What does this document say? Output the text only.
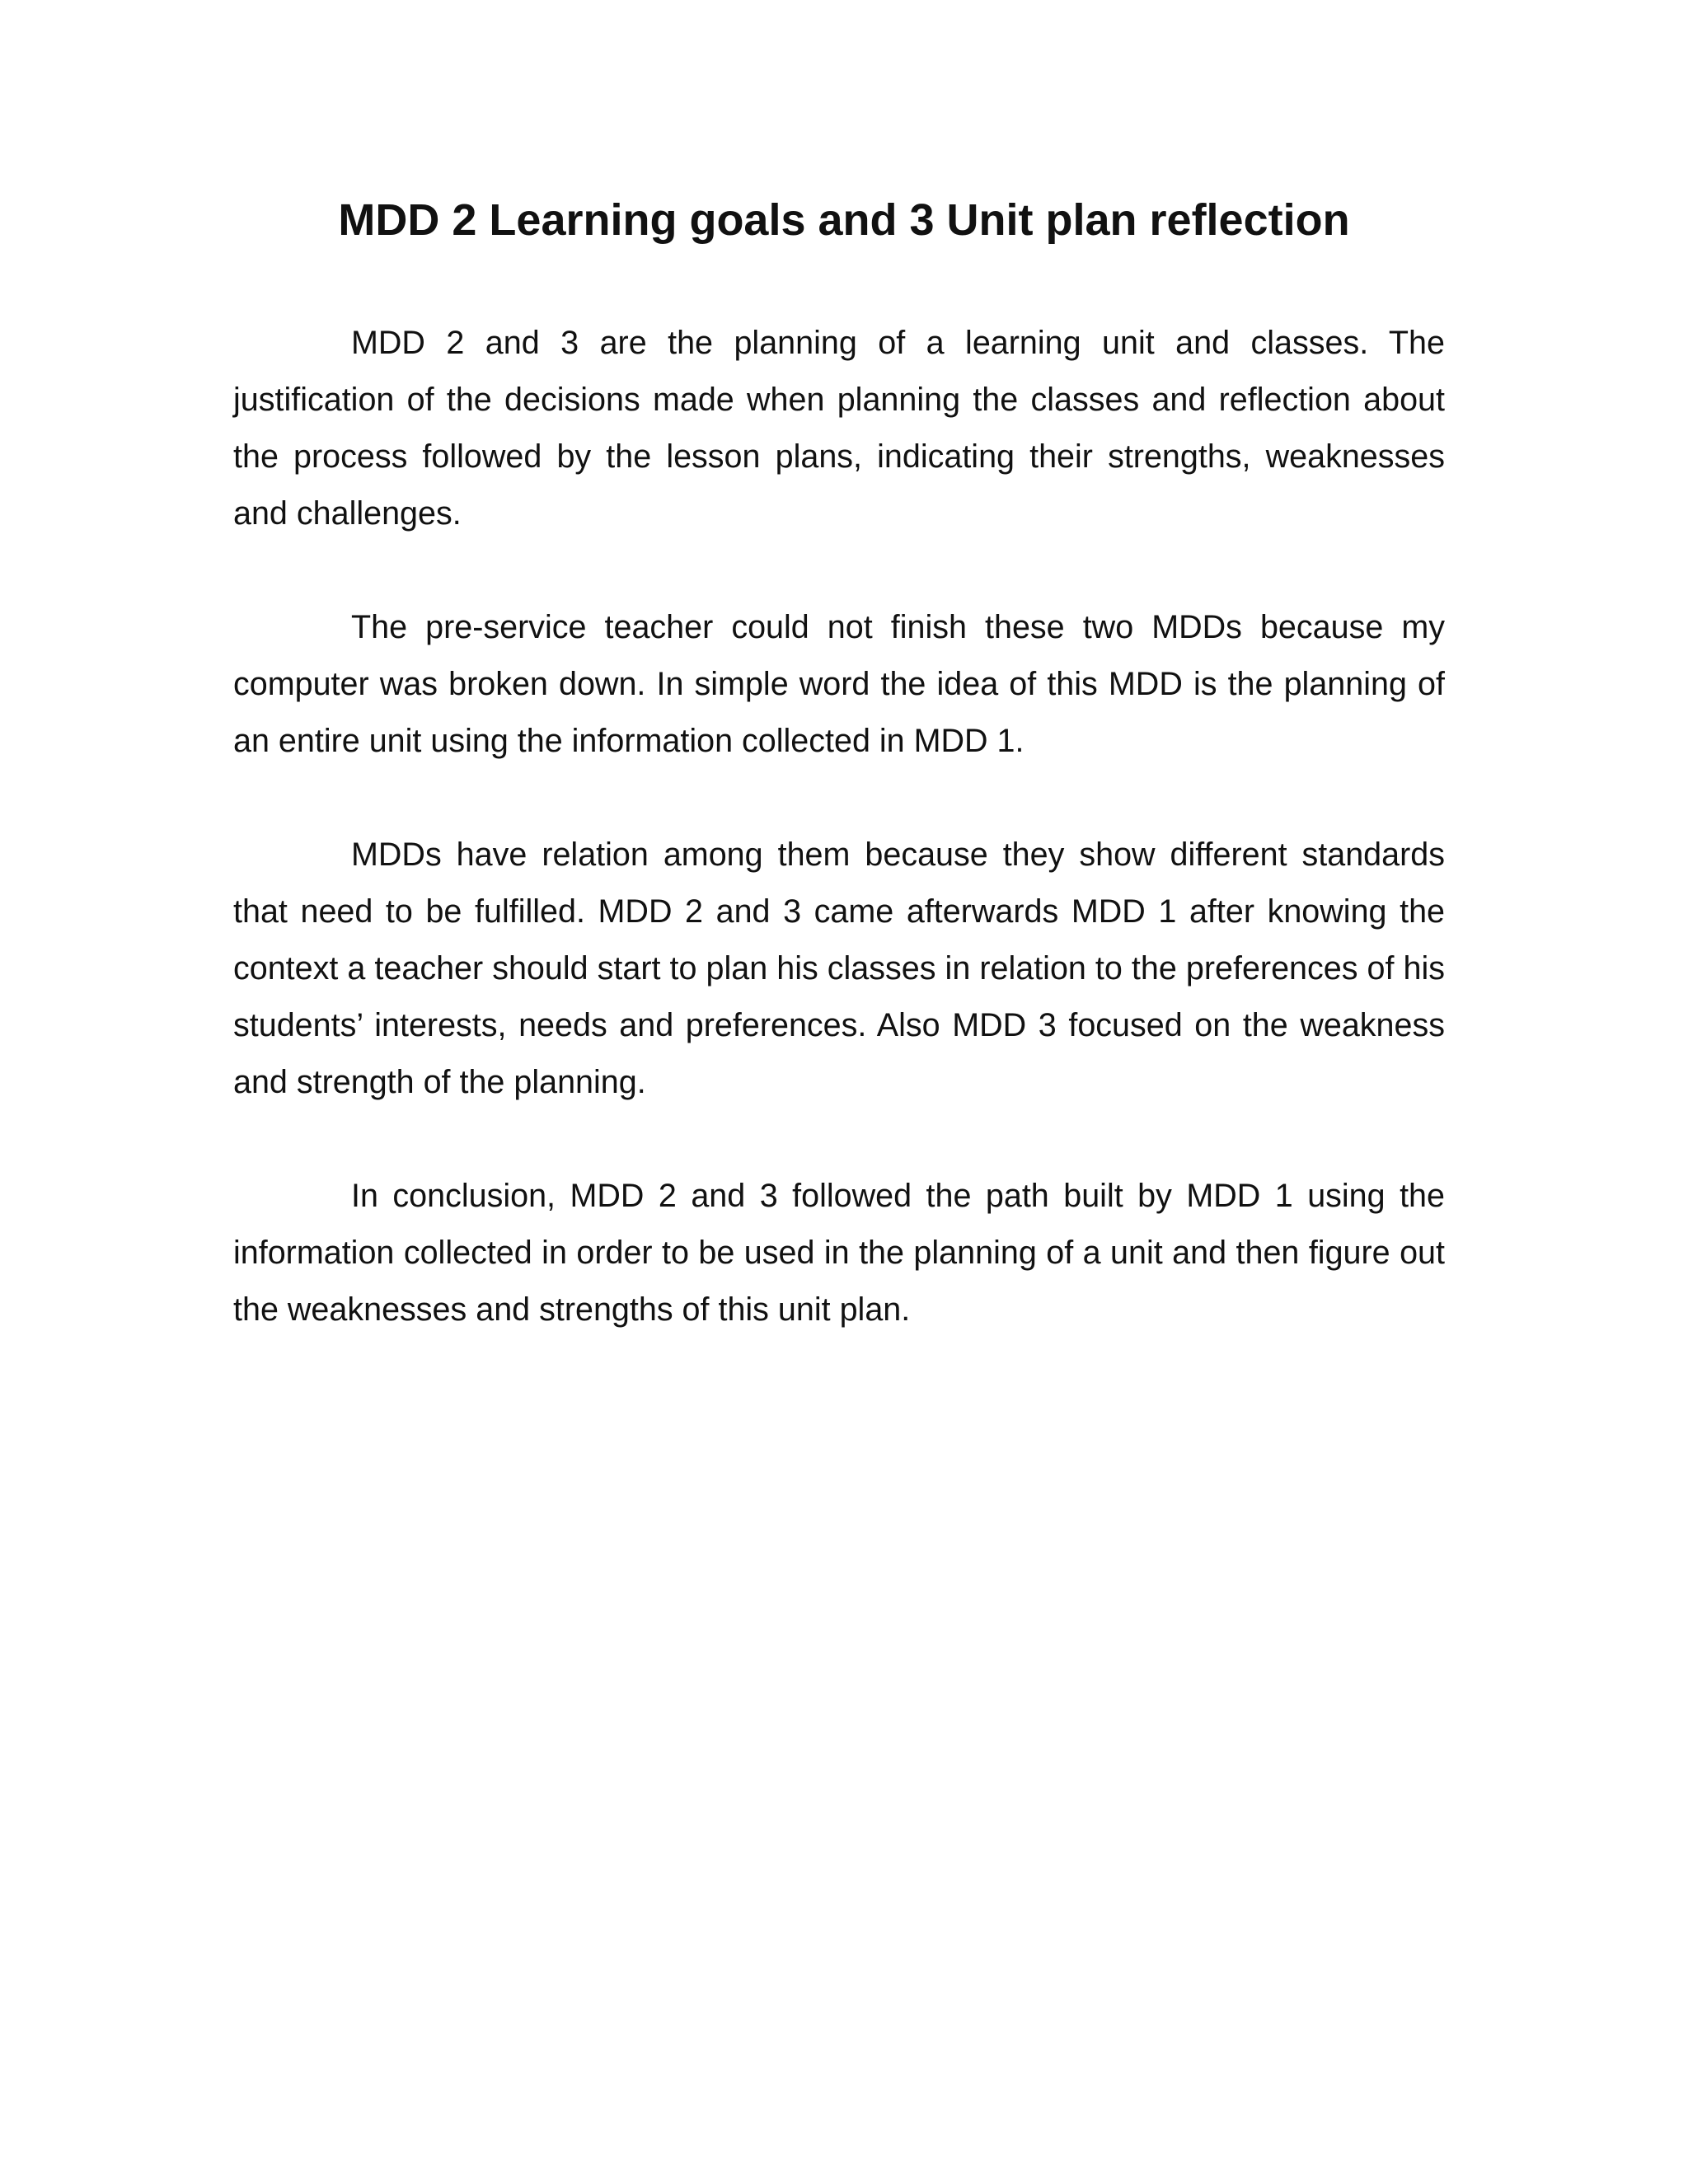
MDD 2 Learning goals and 3 Unit plan reflection

MDD 2 and 3 are the planning of a learning unit and classes. The justification of the decisions made when planning the classes and reflection about the process followed by the lesson plans, indicating their strengths, weaknesses and challenges.

The pre-service teacher could not finish these two MDDs because my computer was broken down. In simple word the idea of this MDD is the planning of an entire unit using the information collected in MDD 1.

MDDs have relation among them because they show different standards that need to be fulfilled. MDD 2 and 3 came afterwards MDD 1 after knowing the context a teacher should start to plan his classes in relation to the preferences of his students’ interests, needs and preferences. Also MDD 3 focused on the weakness and strength of the planning.

In conclusion, MDD 2 and 3 followed the path built by MDD 1 using the information collected in order to be used in the planning of a unit and then figure out the weaknesses and strengths of this unit plan.
